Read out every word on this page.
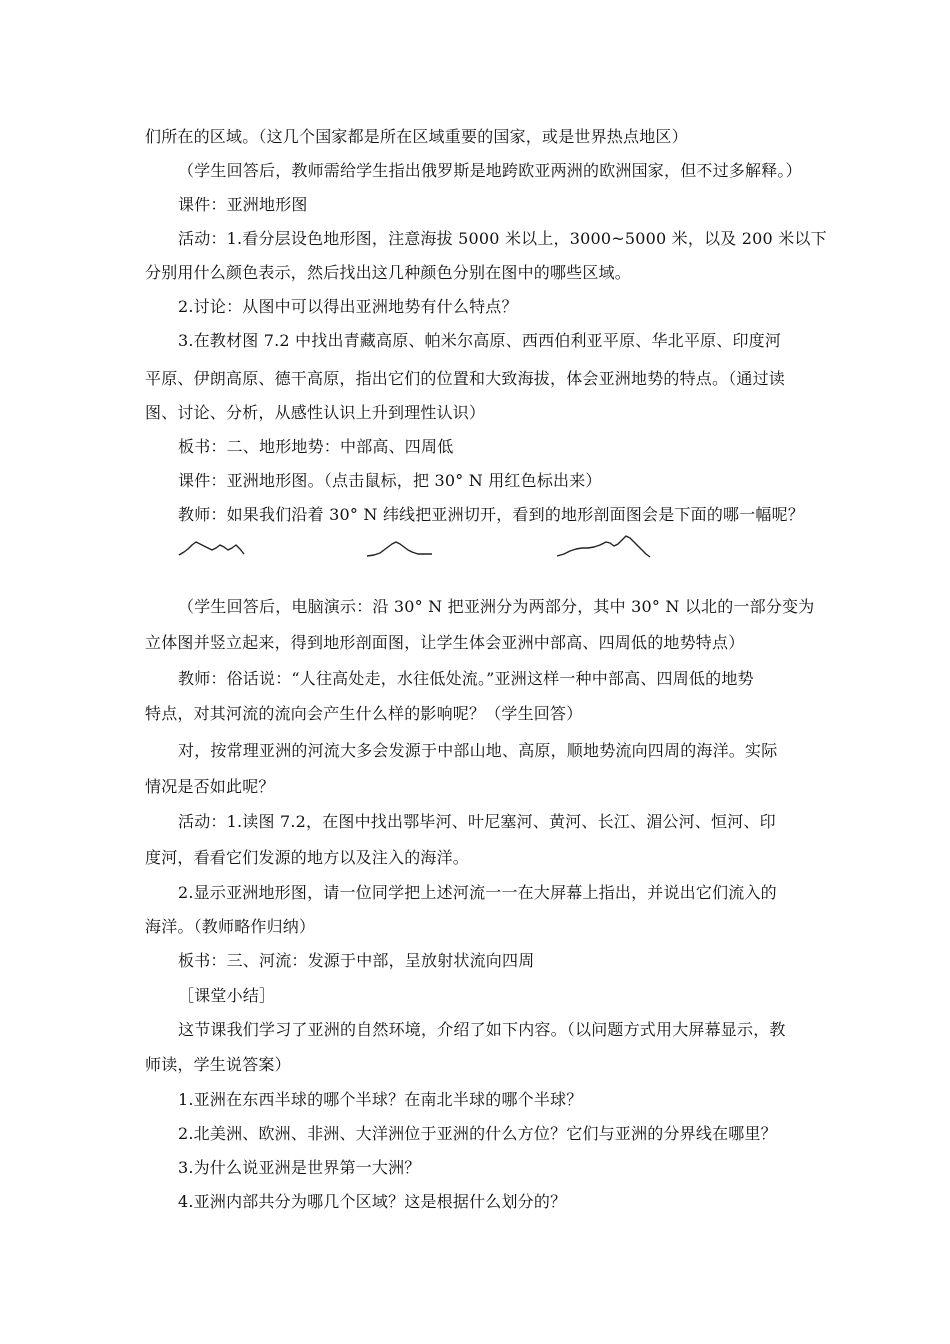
们所在的区域。（这几个国家都是所在区域重要的国家，或是世界热点地区）
（学生回答后，教师需给学生指出俄罗斯是地跨欧亚两洲的欧洲国家，但不过多解释。）
课件：亚洲地形图
活动：1.看分层设色地形图，注意海拔 5000 米以上，3000~5000 米，以及 200 米以下
分别用什么颜色表示，然后找出这几种颜色分别在图中的哪些区域。
2.讨论：从图中可以得出亚洲地势有什么特点？
3.在教材图 7.2 中找出青藏高原、帕米尔高原、西西伯利亚平原、华北平原、印度河
平原、伊朗高原、德干高原，指出它们的位置和大致海拔，体会亚洲地势的特点。（通过读
图、讨论、分析，从感性认识上升到理性认识）
板书：二、地形地势：中部高、四周低
课件：亚洲地形图。（点击鼠标，把 30° N 用红色标出来）
教师：如果我们沿着 30° N 纬线把亚洲切开，看到的地形剖面图会是下面的哪一幅呢？
（学生回答后，电脑演示：沿 30° N 把亚洲分为两部分，其中 30° N 以北的一部分变为
立体图并竖立起来，得到地形剖面图，让学生体会亚洲中部高、四周低的地势特点）
教师：俗话说：“人往高处走，水往低处流。”亚洲这样一种中部高、四周低的地势
特点，对其河流的流向会产生什么样的影响呢？（学生回答）
对，按常理亚洲的河流大多会发源于中部山地、高原，顺地势流向四周的海洋。实际
情况是否如此呢？
活动：1.读图 7.2，在图中找出鄂毕河、叶尼塞河、黄河、长江、湄公河、恒河、印
度河，看看它们发源的地方以及注入的海洋。
2.显示亚洲地形图，请一位同学把上述河流一一在大屏幕上指出，并说出它们流入的
海洋。（教师略作归纳）
板书：三、河流：发源于中部，呈放射状流向四周
［课堂小结］
这节课我们学习了亚洲的自然环境，介绍了如下内容。（以问题方式用大屏幕显示，教
师读，学生说答案）
1.亚洲在东西半球的哪个半球？在南北半球的哪个半球？
2.北美洲、欧洲、非洲、大洋洲位于亚洲的什么方位？它们与亚洲的分界线在哪里？
3.为什么说亚洲是世界第一大洲？
4.亚洲内部共分为哪几个区域？这是根据什么划分的？
